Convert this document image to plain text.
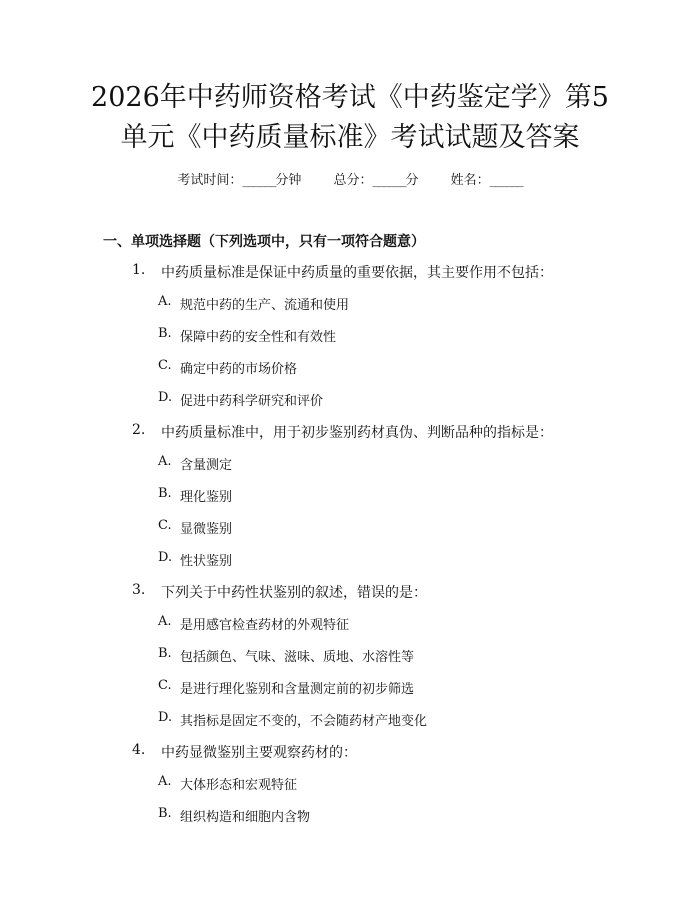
2026年中药师资格考试《中药鉴定学》第5
单元《中药质量标准》考试试题及答案
考试时间：______分钟 总分：______分 姓名：______
一、单项选择题（下列选项中，只有一项符合题意）
1. 中药质量标准是保证中药质量的重要依据，其主要作用不包括：
A. 规范中药的生产、流通和使用
B. 保障中药的安全性和有效性
C. 确定中药的市场价格
D. 促进中药科学研究和评价
2. 中药质量标准中，用于初步鉴别药材真伪、判断品种的指标是：
A. 含量测定
B. 理化鉴别
C. 显微鉴别
D. 性状鉴别
3. 下列关于中药性状鉴别的叙述，错误的是：
A. 是用感官检查药材的外观特征
B. 包括颜色、气味、滋味、质地、水溶性等
C. 是进行理化鉴别和含量测定前的初步筛选
D. 其指标是固定不变的，不会随药材产地变化
4. 中药显微鉴别主要观察药材的：
A. 大体形态和宏观特征
B. 组织构造和细胞内含物
